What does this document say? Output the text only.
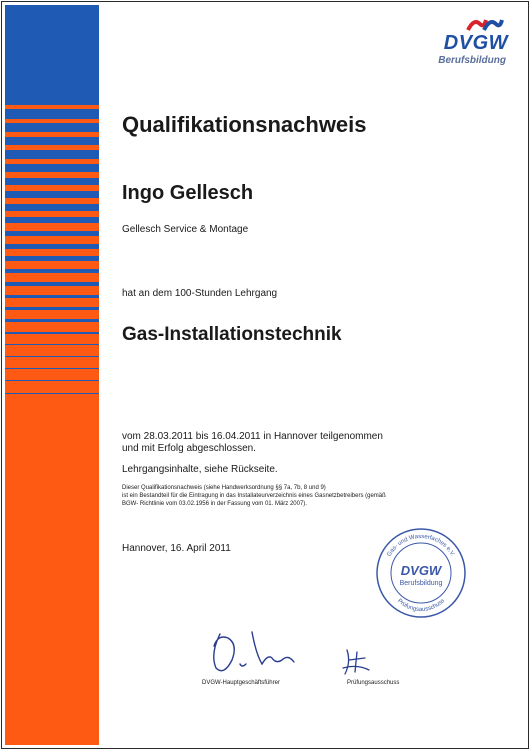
DVGW
Berufsbildung
Qualifikationsnachweis
Ingo Gellesch
Gellesch Service & Montage
hat an dem 100-Stunden Lehrgang
Gas-Installationstechnik
vom 28.03.2011 bis 16.04.2011 in Hannover teilgenommen
und mit Erfolg abgeschlossen.
Lehrgangsinhalte, siehe Rückseite.
Dieser Qualifikationsnachweis (siehe Handwerksordnung §§ 7a, 7b, 8 und 9)
ist ein Bestandteil für die Eintragung in das Installateurverzeichnis eines Gasnetzbetreibers (gemäß
BGW- Richtlinie vom 03.02.1956 in der Fassung vom 01. März 2007).
Hannover, 16. April 2011
Gas- und Wasserfaches e.V.
Prüfungsausschuss
DVGW
Berufsbildung
DVGW-Hauptgeschäftsführer	Prüfungsausschuss
